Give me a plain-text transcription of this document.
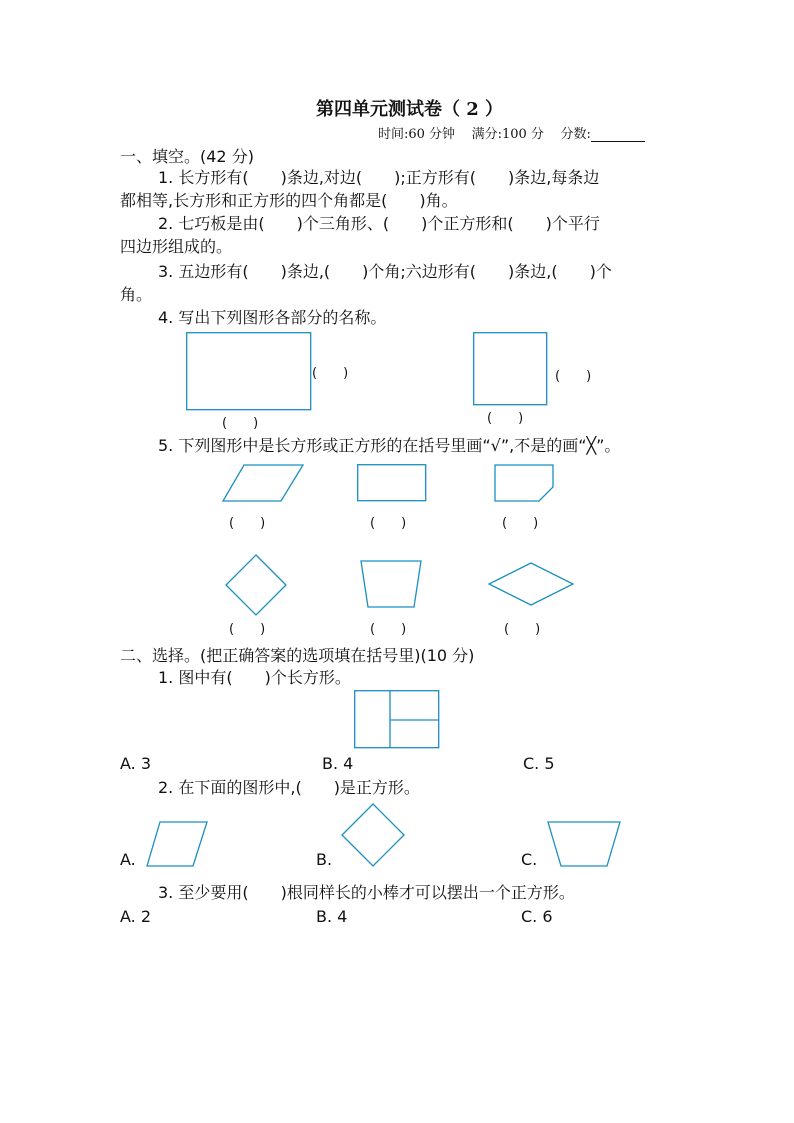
第四单元测试卷（ 2 ）
时间:60 分钟 满分:100 分 分数:
一、填空。(42 分)
1. 长方形有(　　)条边,对边(　　);正方形有(　　)条边,每条边
都相等,长方形和正方形的四个角都是(　　)角。
2. 七巧板是由(　　)个三角形、(　　)个正方形和(　　)个平行
四边形组成的。
3. 五边形有(　　)条边,(　　)个角;六边形有(　　)条边,(　　)个
角。
4. 写出下列图形各部分的名称。
(　　)
(　　)
(　　)
(　　)
5. 下列图形中是长方形或正方形的在括号里画“√”,不是的画“╳”。
(　　)	(　　)	(　　)
(　　)	(　　)	(　　)
二、选择。(把正确答案的选项填在括号里)(10 分)
1. 图中有(　　)个长方形。
A. 3	B. 4	C. 5
2. 在下面的图形中,(　　)是正方形。
A.	B.	C.
3. 至少要用(　　)根同样长的小棒才可以摆出一个正方形。
A. 2	B. 4	C. 6
